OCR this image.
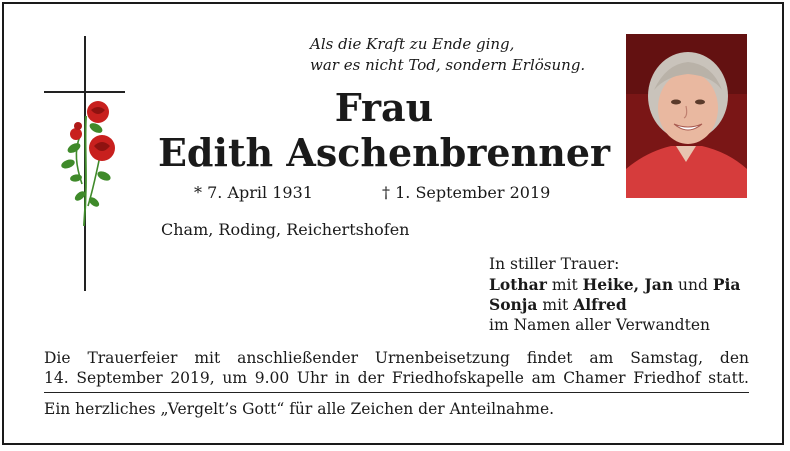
Als die Kraft zu Ende ging,
war es nicht Tod, sondern Erlösung.
Frau
Edith Aschenbrenner
* 7. April 1931	† 1. September 2019
Cham, Roding, Reichertshofen
In stiller Trauer:
Lothar mit Heike, Jan und Pia
Sonja mit Alfred
im Namen aller Verwandten
Die Trauerfeier mit anschließender Urnenbeisetzung findet am Samstag, den
14. September 2019, um 9.00 Uhr in der Friedhofskapelle am Chamer Friedhof statt.
Ein herzliches „Vergelt’s Gott“ für alle Zeichen der Anteilnahme.
